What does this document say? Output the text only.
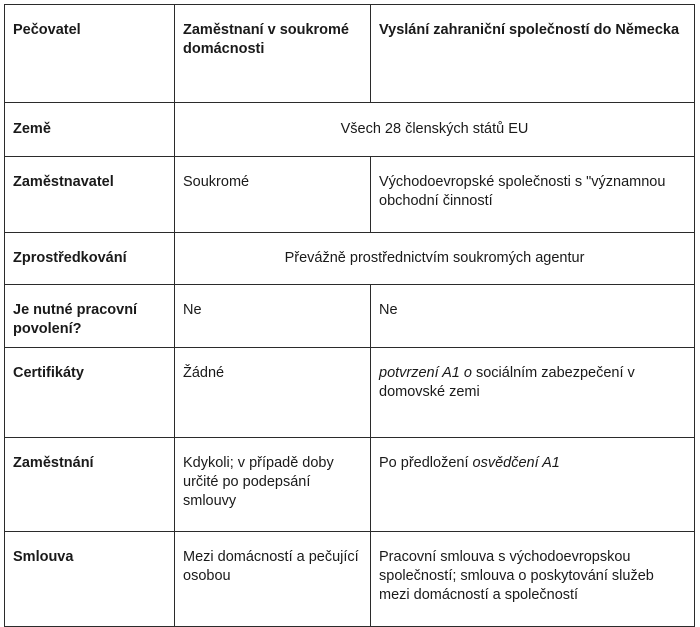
Pečovatel	Zaměstnaní v soukromé domácnosti	Vyslání zahraniční společností do Německa
Země	Všech 28 členských států EU	
Zaměstnavatel	Soukromé	Východoevropské společnosti s "významnou obchodní činností
Zprostředkování	Převážně prostřednictvím soukromých agentur	
Je nutné pracovní povolení?	Ne	Ne
Certifikáty	Žádné	potvrzení A1 o sociálním zabezpečení v domovské zemi
Zaměstnání	Kdykoli; v případě doby určité po podepsání smlouvy	Po předložení osvědčení A1
Smlouva	Mezi domácností a pečující osobou	Pracovní smlouva s východoevropskou společností; smlouva o poskytování služeb mezi domácností a společností
